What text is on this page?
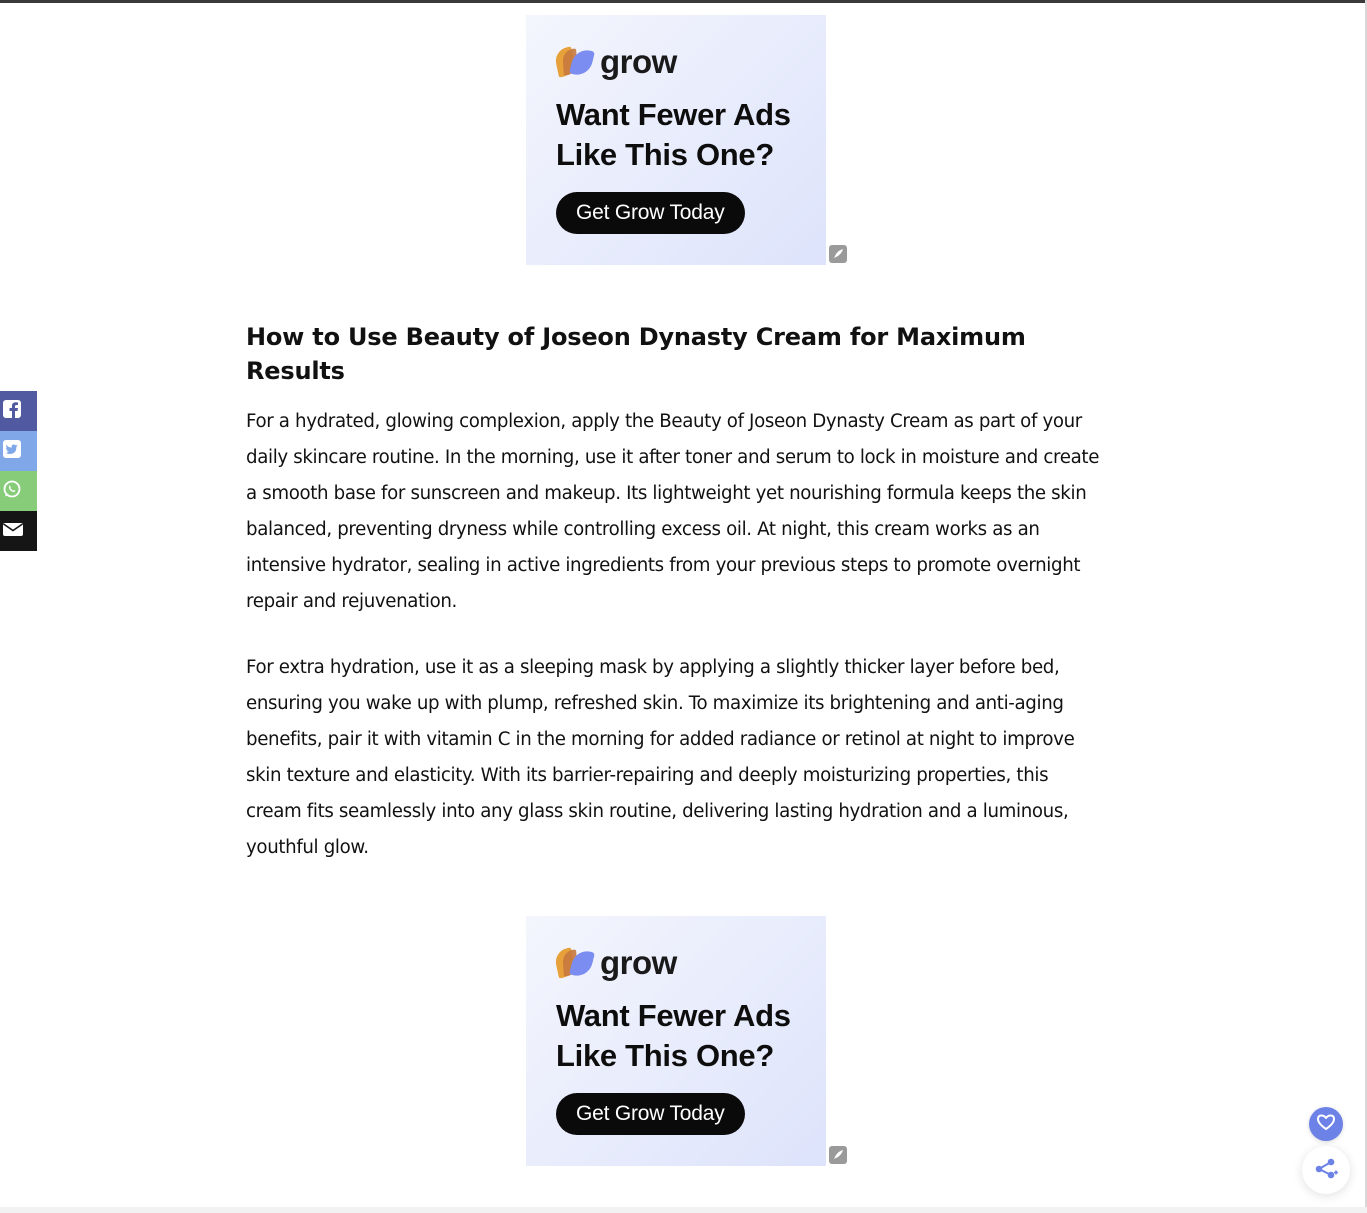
grow
Want Fewer Ads Like This One?
Get Grow Today
How to Use Beauty of Joseon Dynasty Cream for Maximum Results

For a hydrated, glowing complexion, apply the Beauty of Joseon Dynasty Cream as part of your daily skincare routine. In the morning, use it after toner and serum to lock in moisture and create a smooth base for sunscreen and makeup. Its lightweight yet nourishing formula keeps the skin balanced, preventing dryness while controlling excess oil. At night, this cream works as an intensive hydrator, sealing in active ingredients from your previous steps to promote overnight repair and rejuvenation.

For extra hydration, use it as a sleeping mask by applying a slightly thicker layer before bed, ensuring you wake up with plump, refreshed skin. To maximize its brightening and anti-aging benefits, pair it with vitamin C in the morning for added radiance or retinol at night to improve skin texture and elasticity. With its barrier-repairing and deeply moisturizing properties, this cream fits seamlessly into any glass skin routine, delivering lasting hydration and a luminous, youthful glow.

grow
Want Fewer Ads Like This One?
Get Grow Today
